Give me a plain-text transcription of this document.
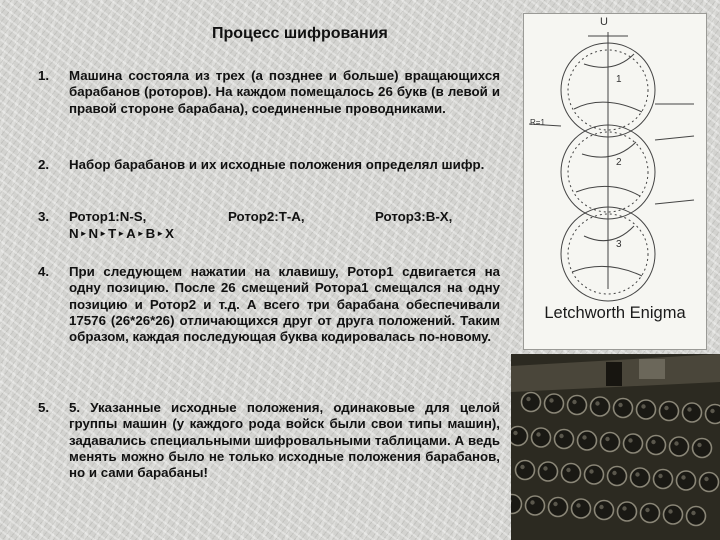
Процесс шифрования
1. Машина состояла из трех (а позднее и больше) вращающихся барабанов (роторов). На каждом помещалось 26 букв (в левой и правой стороне барабана), соединенные проводниками.
2. Набор барабанов и их исходные положения определял шифр.
3. Ротор1:N-S,	Ротор2:Т-А,	Ротор3:В-Х,
N►N►T►A►B►X
4. При следующем нажатии на клавишу, Ротор1 сдвигается на одну позицию. После 26 смещений Ротора1 смещался на одну позицию и Ротор2 и т.д. А всего три барабана обеспечивали 17576 (26*26*26) отличающихся друг от друга положений. Таким образом, каждая последующая буква кодировалась по-новому.
5. 5. Указанные исходные положения, одинаковые для целой группы машин (у каждого рода войск были свои типы машин), задавались специальными шифровальными таблицами. А ведь менять можно было не только исходные положения барабанов, но и сами барабаны!
U
1
2
3
R=1
Letchworth Enigma
